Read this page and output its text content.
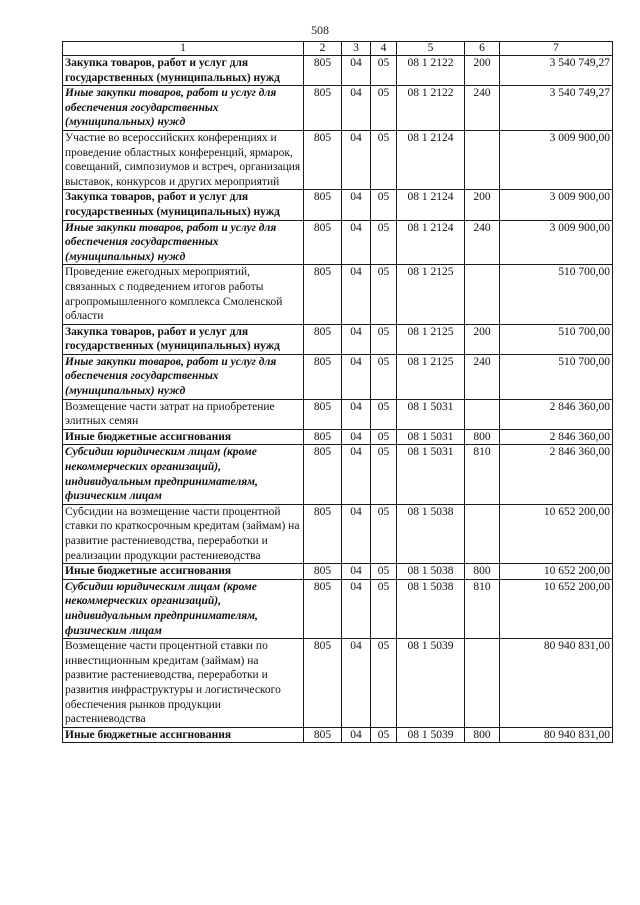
508
1	2	3	4	5	6	7
Закупка товаров, работ и услуг для государственных (муниципальных) нужд	805	04	05	08 1 2122	200	3 540 749,27
Иные закупки товаров, работ и услуг для обеспечения государственных (муниципальных) нужд	805	04	05	08 1 2122	240	3 540 749,27
Участие во всероссийских конференциях и проведение областных конференций, ярмарок, совещаний, симпозиумов и встреч, организация выставок, конкурсов и других мероприятий	805	04	05	08 1 2124		3 009 900,00
Закупка товаров, работ и услуг для государственных (муниципальных) нужд	805	04	05	08 1 2124	200	3 009 900,00
Иные закупки товаров, работ и услуг для обеспечения государственных (муниципальных) нужд	805	04	05	08 1 2124	240	3 009 900,00
Проведение ежегодных мероприятий, связанных с подведением итогов работы агропромышленного комплекса Смоленской области	805	04	05	08 1 2125		510 700,00
Закупка товаров, работ и услуг для государственных (муниципальных) нужд	805	04	05	08 1 2125	200	510 700,00
Иные закупки товаров, работ и услуг для обеспечения государственных (муниципальных) нужд	805	04	05	08 1 2125	240	510 700,00
Возмещение части затрат на приобретение элитных семян	805	04	05	08 1 5031		2 846 360,00
Иные бюджетные ассигнования	805	04	05	08 1 5031	800	2 846 360,00
Субсидии юридическим лицам (кроме некоммерческих организаций), индивидуальным предпринимателям, физическим лицам	805	04	05	08 1 5031	810	2 846 360,00
Субсидии на возмещение части процентной ставки по краткосрочным кредитам (займам) на развитие растениеводства, переработки и реализации продукции растениеводства	805	04	05	08 1 5038		10 652 200,00
Иные бюджетные ассигнования	805	04	05	08 1 5038	800	10 652 200,00
Субсидии юридическим лицам (кроме некоммерческих организаций), индивидуальным предпринимателям, физическим лицам	805	04	05	08 1 5038	810	10 652 200,00
Возмещение части процентной ставки по инвестиционным кредитам (займам) на развитие растениеводства, переработки и развития инфраструктуры и логистического обеспечения рынков продукции растениеводства	805	04	05	08 1 5039		80 940 831,00
Иные бюджетные ассигнования	805	04	05	08 1 5039	800	80 940 831,00
